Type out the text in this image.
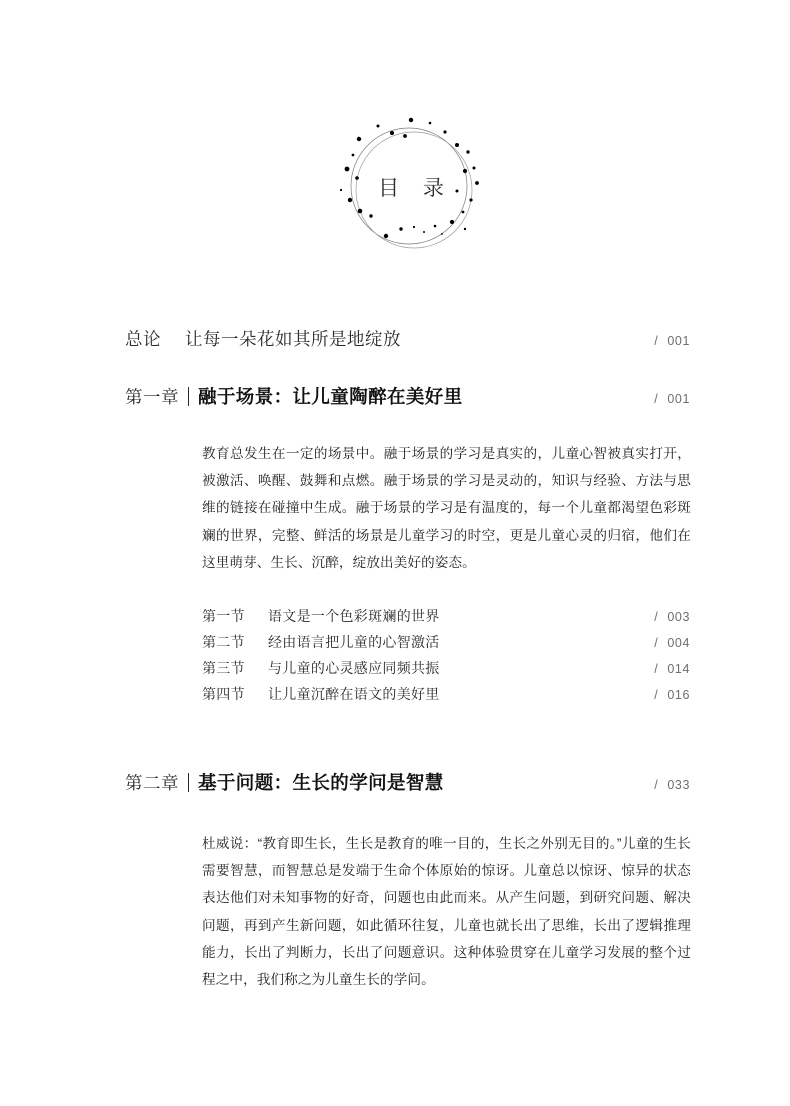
目 录
总论 让每一朵花如其所是地绽放	/ 001
第一章 融于场景：让儿童陶醉在美好里	/ 001
教育总发生在一定的场景中。融于场景的学习是真实的，儿童心智被真实打开，被激活、唤醒、鼓舞和点燃。融于场景的学习是灵动的，知识与经验、方法与思维的链接在碰撞中生成。融于场景的学习是有温度的，每一个儿童都渴望色彩斑斓的世界，完整、鲜活的场景是儿童学习的时空，更是儿童心灵的归宿，他们在这里萌芽、生长、沉醉，绽放出美好的姿态。
第一节	语文是一个色彩斑斓的世界	/ 003
第二节	经由语言把儿童的心智激活	/ 004
第三节	与儿童的心灵感应同频共振	/ 014
第四节	让儿童沉醉在语文的美好里	/ 016
第二章 基于问题：生长的学问是智慧	/ 033
杜威说：“教育即生长，生长是教育的唯一目的，生长之外别无目的。”儿童的生长需要智慧，而智慧总是发端于生命个体原始的惊讶。儿童总以惊讶、惊异的状态表达他们对未知事物的好奇，问题也由此而来。从产生问题，到研究问题、解决问题，再到产生新问题，如此循环往复，儿童也就长出了思维，长出了逻辑推理能力，长出了判断力，长出了问题意识。这种体验贯穿在儿童学习发展的整个过程之中，我们称之为儿童生长的学问。
